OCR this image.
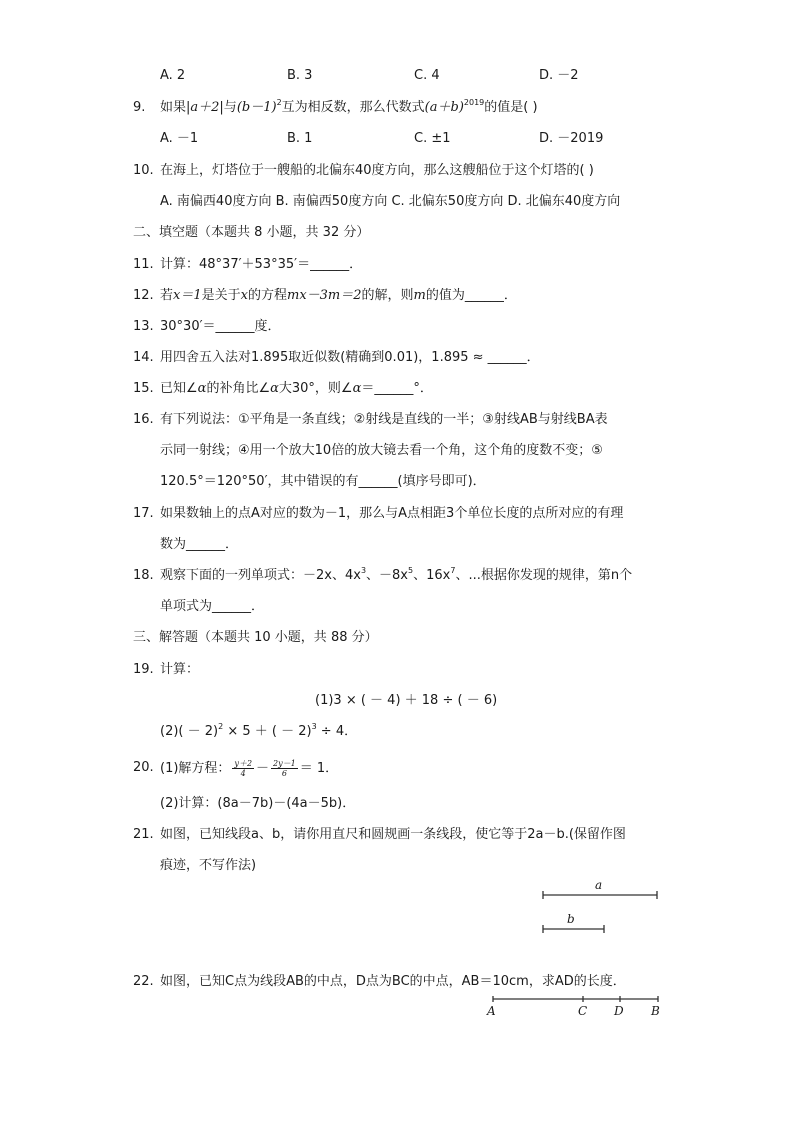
A. 2	B. 3	C. 4	D. －2
9. 如果|a＋2|与$(b-1)^2$互为相反数，那么代数式$(a+b)^{2019}$的值是( )
A. －1	B. 1	C. ±1	D. －2019
10. 在海上，灯塔位于一艘船的北偏东40度方向，那么这艘船位于这个灯塔的( )
A. 南偏西40度方向 B. 南偏西50度方向 C. 北偏东50度方向 D. 北偏东40度方向
二、填空题（本题共 8 小题，共 32 分）
11. 计算：48°37′＋53°35′＝______．
12. 若x＝1是关于x的方程mx－3m＝2的解，则m的值为______．
13. 30°30′＝______度．
14. 用四舍五入法对1.895取近似数(精确到0.01)，1.895 ≈ ______．
15. 已知∠α的补角比∠α大30°，则∠α＝______°．
16. 有下列说法：①平角是一条直线；②射线是直线的一半；③射线AB与射线BA表
示同一射线；④用一个放大10倍的放大镜去看一个角，这个角的度数不变；⑤
120.5°＝120°50′，其中错误的有______(填序号即可)．
17. 如果数轴上的点A对应的数为－1，那么与A点相距3个单位长度的点所对应的有理
数为______．
18. 观察下面的一列单项式：－2x、$4x^3$、$-8x^5$、$16x^7$、...根据你发现的规律，第n个
单项式为______．
三、解答题（本题共 10 小题，共 88 分）
19. 计算：
(1)3 × ( － 4) ＋ 18 ÷ ( － 6)
$(2)( - 2)^2 \times 5$ ＋ ( － 2)$^3$ ÷ 4．
20. (1)解方程： $\frac{y+2}{4} - \frac{2y-1}{6} = 1$．
(2)计算：(8a－7b)－(4a－5b)．
21. 如图，已知线段a、b，请你用直尺和圆规画一条线段，使它等于2a－b.(保留作图
痕迹，不写作法)
a
b
A	C D B
22. 如图，已知C点为线段AB的中点，D点为BC的中点，AB＝10cm，求AD的长度．
